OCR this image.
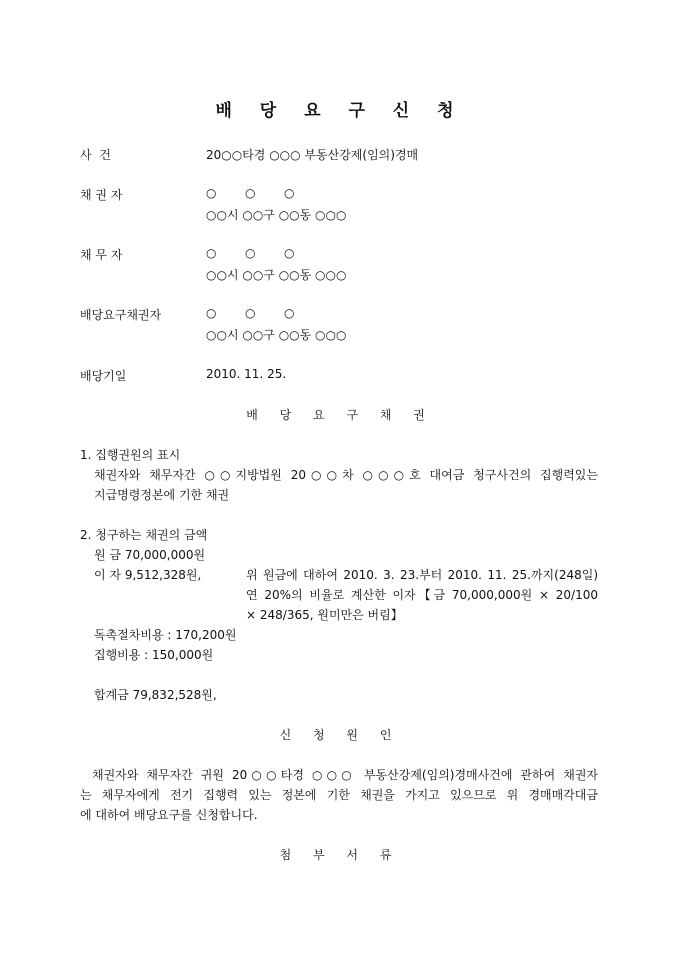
배 당 요 구 신 청
사 건	20○○타경 ○○○ 부동산강제(임의)경매
채 권 자	○	○	○
○○시 ○○구 ○○동 ○○○
채 무 자	○	○	○
○○시 ○○구 ○○동 ○○○
배당요구채권자	○	○	○
○○시 ○○구 ○○동 ○○○
배당기일	2010. 11. 25.
배 당 요 구 채 권
1. 집행권원의 표시
채권자와 채무자간 ○○지방법원 20○○차 ○○○호 대여금 청구사건의 집행력있는
지급명령정본에 기한 채권
2. 청구하는 채권의 금액
원 금 70,000,000원
이 자 9,512,328원,	위 원금에 대하여 2010. 3. 23.부터 2010. 11. 25.까지(248일)
연 20%의 비율로 계산한 이자【금 70,000,000원 × 20/100
× 248/365, 원미만은 버림】
독촉절차비용 : 170,200원
집행비용 : 150,000원
합계금 79,832,528원,
신 청 원 인
채권자와 채무자간 귀원 20○○타경 ○○○ 부동산강제(임의)경매사건에 관하여 채권자
는 채무자에게 전기 집행력 있는 정본에 기한 채권을 가지고 있으므로 위 경매매각대금
에 대하여 배당요구를 신청합니다.
첨 부 서 류
